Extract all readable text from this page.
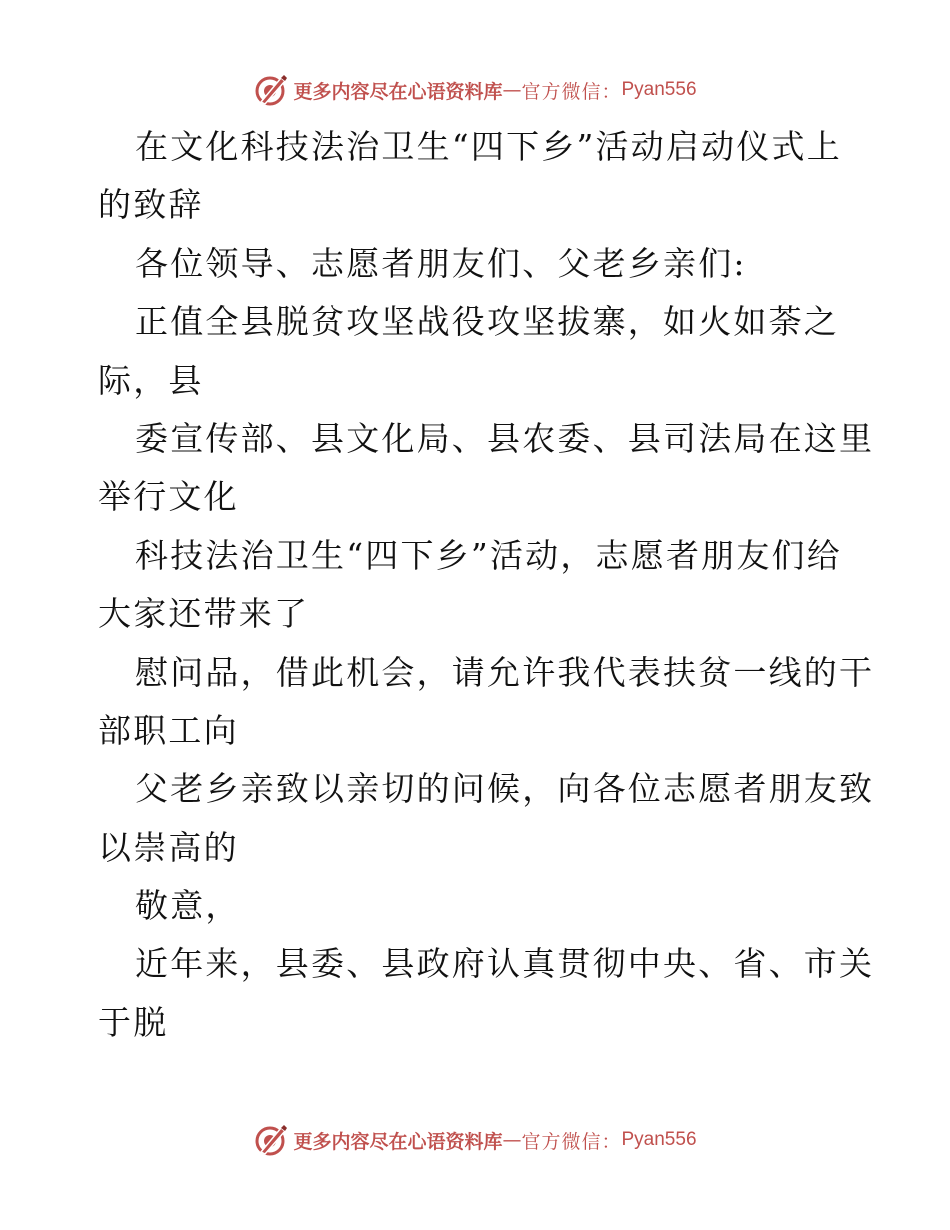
更多内容尽在心语资料库 — 官方微信： Pyan556
在文化科技法治卫生“四下乡”活动启动仪式上
的致辞
各位领导、志愿者朋友们、父老乡亲们:
正值全县脱贫攻坚战役攻坚拔寨，如火如荼之
际，县
委宣传部、县文化局、县农委、县司法局在这里
举行文化
科技法治卫生“四下乡”活动，志愿者朋友们给
大家还带来了
慰问品，借此机会，请允许我代表扶贫一线的干
部职工向
父老乡亲致以亲切的问候，向各位志愿者朋友致
以崇高的
敬意，
近年来，县委、县政府认真贯彻中央、省、市关
于脱
更多内容尽在心语资料库 — 官方微信： Pyan556
